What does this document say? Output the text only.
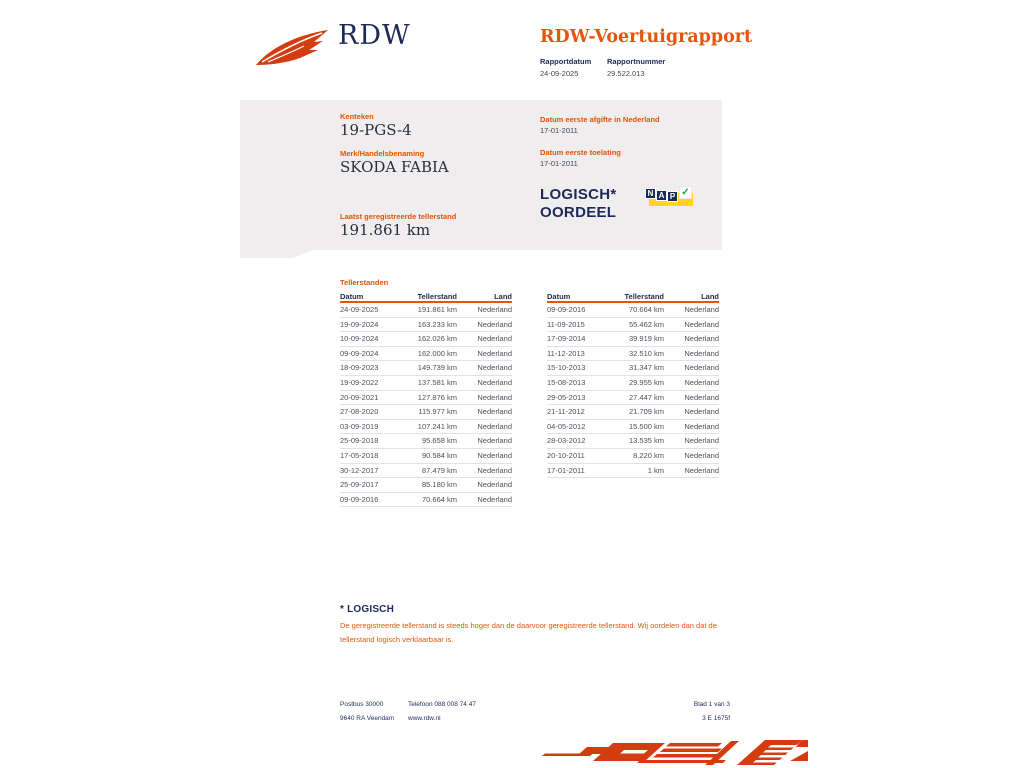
RDW	RDW-Voertuigrapport
Rapportdatum
24-09-2025
Rapportnummer
29.522.013
Kenteken
19-PGS-4
Merk/Handelsbenaming
SKODA FABIA
Laatst geregistreerde tellerstand
191.861 km
Datum eerste afgifte in Nederland
17-01-2011
Datum eerste toelating
17-01-2011
LOGISCH*
OORDEEL
N A P ✓
Tellerstanden
Datum	Tellerstand	Land
24-09-2025	191.861 km	Nederland
19-09-2024	163.233 km	Nederland
10-09-2024	162.026 km	Nederland
09-09-2024	162.000 km	Nederland
18-09-2023	149.739 km	Nederland
19-09-2022	137.581 km	Nederland
20-09-2021	127.876 km	Nederland
27-08-2020	115.977 km	Nederland
03-09-2019	107.241 km	Nederland
25-09-2018	95.658 km	Nederland
17-05-2018	90.584 km	Nederland
30-12-2017	87.479 km	Nederland
25-09-2017	85.180 km	Nederland
09-09-2016	70.664 km	Nederland
Datum	Tellerstand	Land
09-09-2016	70.664 km	Nederland
11-09-2015	55.462 km	Nederland
17-09-2014	39.919 km	Nederland
11-12-2013	32.510 km	Nederland
15-10-2013	31.347 km	Nederland
15-08-2013	29.955 km	Nederland
29-05-2013	27.447 km	Nederland
21-11-2012	21.709 km	Nederland
04-05-2012	15.500 km	Nederland
28-03-2012	13.535 km	Nederland
20-10-2011	8.220 km	Nederland
17-01-2011	1 km	Nederland
* LOGISCH
De geregistreerde tellerstand is steeds hoger dan de daarvoor geregistreerde tellerstand. Wij oordelen dan dat de tellerstand logisch verklaarbaar is.
Postbus 30000
9640 RA Veendam
Telefoon 088 008 74 47
www.rdw.nl
Blad 1 van 3
3 E 1675f
